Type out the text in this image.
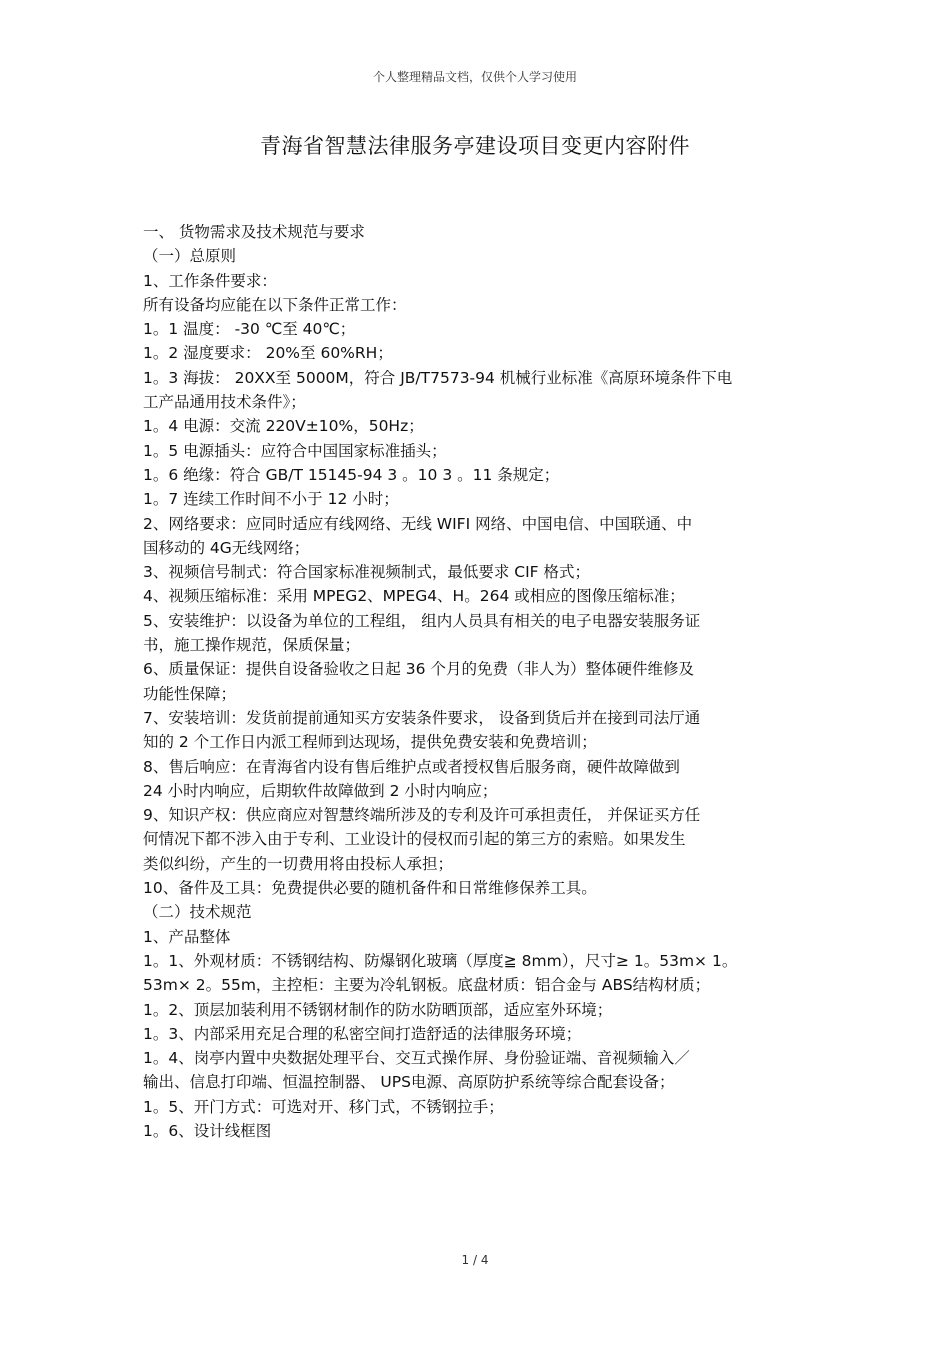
个人整理精品文档，仅供个人学习使用
青海省智慧法律服务亭建设项目变更内容附件
一、 货物需求及技术规范与要求
（一）总原则
1、工作条件要求：
所有设备均应能在以下条件正常工作：
1。1 温度： -30 ℃至 40℃；
1。2 湿度要求： 20%至 60%RH；
1。3 海拔： 20XX至 5000M，符合 JB/T7573-94 机械行业标准《高原环境条件下电
工产品通用技术条件》；
1。4 电源：交流 220V±10%，50Hz；
1。5 电源插头：应符合中国国家标准插头；
1。6 绝缘：符合 GB/T 15145-94 3 。10 3 。11 条规定；
1。7 连续工作时间不小于 12 小时；
2、网络要求：应同时适应有线网络、无线 WIFI 网络、中国电信、中国联通、中
国移动的 4G无线网络；
3、视频信号制式：符合国家标准视频制式，最低要求 CIF 格式；
4、视频压缩标准：采用 MPEG2、MPEG4、H。264 或相应的图像压缩标准；
5、安装维护：以设备为单位的工程组， 组内人员具有相关的电子电器安装服务证
书，施工操作规范，保质保量；
6、质量保证：提供自设备验收之日起 36 个月的免费（非人为）整体硬件维修及
功能性保障；
7、安装培训：发货前提前通知买方安装条件要求， 设备到货后并在接到司法厅通
知的 2 个工作日内派工程师到达现场，提供免费安装和免费培训；
8、售后响应：在青海省内设有售后维护点或者授权售后服务商，硬件故障做到
24 小时内响应，后期软件故障做到 2 小时内响应；
9、知识产权：供应商应对智慧终端所涉及的专利及许可承担责任， 并保证买方任
何情况下都不涉入由于专利、工业设计的侵权而引起的第三方的索赔。如果发生
类似纠纷，产生的一切费用将由投标人承担；
10、备件及工具：免费提供必要的随机备件和日常维修保养工具。
（二）技术规范
1、产品整体
1。1、外观材质：不锈钢结构、防爆钢化玻璃（厚度≧ 8mm），尺寸≥ 1。53m× 1。
53m× 2。55m，主控柜：主要为冷轧钢板。底盘材质：铝合金与 ABS结构材质；
1。2、顶层加装利用不锈钢材制作的防水防晒顶部，适应室外环境；
1。3、内部采用充足合理的私密空间打造舒适的法律服务环境；
1。4、岗亭内置中央数据处理平台、交互式操作屏、身份验证端、音视频输入／
输出、信息打印端、恒温控制器、 UPS电源、高原防护系统等综合配套设备；
1。5、开门方式：可选对开、移门式，不锈钢拉手；
1。6、设计线框图
1 / 4
